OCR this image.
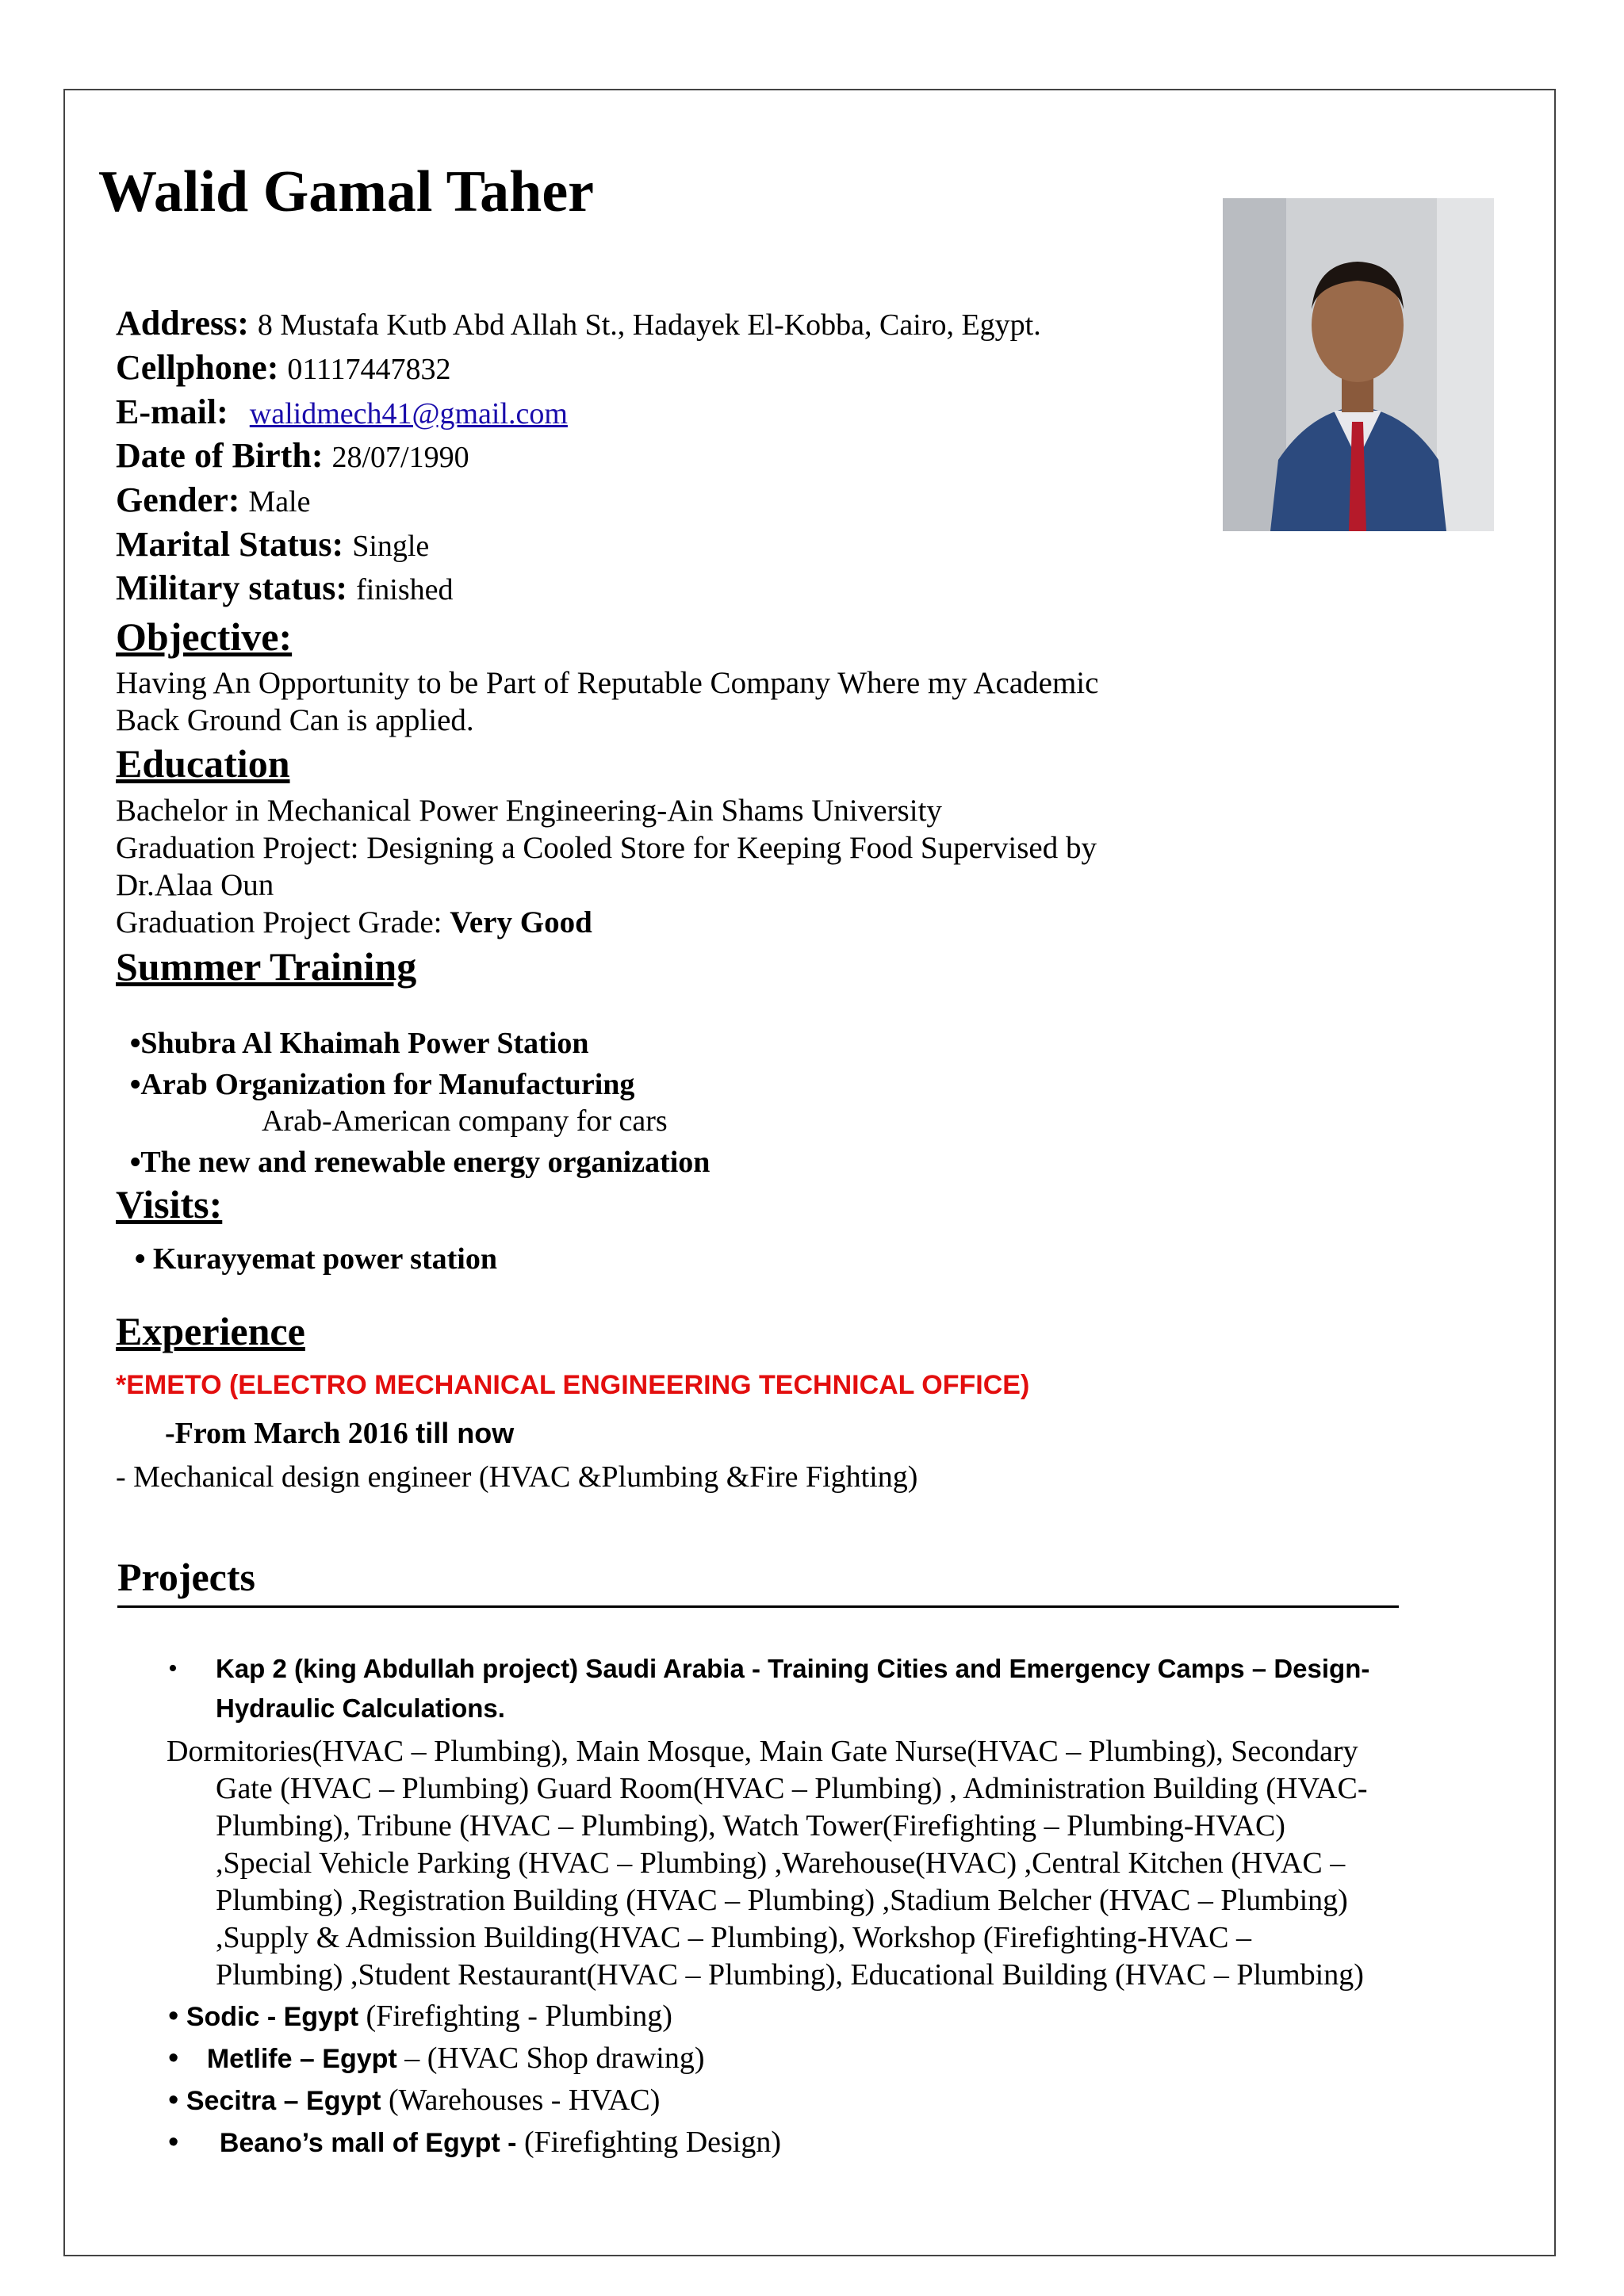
Walid Gamal Taher
Address: 8 Mustafa Kutb Abd Allah St., Hadayek El-Kobba, Cairo, Egypt.
Cellphone: 01117447832
E-mail: walidmech41@gmail.com
Date of Birth: 28/07/1990
Gender: Male
Marital Status: Single
Military status: finished
Objective:
Having An Opportunity to be Part of Reputable Company Where my Academic
Back Ground Can is applied.
Education
Bachelor in Mechanical Power Engineering-Ain Shams University
Graduation Project: Designing a Cooled Store for Keeping Food Supervised by
Dr.Alaa Oun
Graduation Project Grade: Very Good
Summer Training
•Shubra Al Khaimah Power Station
•Arab Organization for Manufacturing
Arab-American company for cars
•The new and renewable energy organization
Visits:
• Kurayyemat power station
Experience
*EMETO (ELECTRO MECHANICAL ENGINEERING TECHNICAL OFFICE)
-From March 2016 till now
- Mechanical design engineer (HVAC &Plumbing &Fire Fighting)
Projects
• Kap 2 (king Abdullah project) Saudi Arabia - Training Cities and Emergency Camps – Design-
Hydraulic Calculations.
Dormitories(HVAC – Plumbing), Main Mosque, Main Gate Nurse(HVAC – Plumbing), Secondary
Gate (HVAC – Plumbing) Guard Room(HVAC – Plumbing) , Administration Building (HVAC-
Plumbing), Tribune (HVAC – Plumbing), Watch Tower(Firefighting – Plumbing-HVAC)
,Special Vehicle Parking (HVAC – Plumbing) ,Warehouse(HVAC) ,Central Kitchen (HVAC –
Plumbing) ,Registration Building (HVAC – Plumbing) ,Stadium Belcher (HVAC – Plumbing)
,Supply & Admission Building(HVAC – Plumbing), Workshop (Firefighting-HVAC –
Plumbing) ,Student Restaurant(HVAC – Plumbing), Educational Building (HVAC – Plumbing)
• Sodic - Egypt (Firefighting - Plumbing)
• Metlife – Egypt – (HVAC Shop drawing)
• Secitra – Egypt (Warehouses - HVAC)
• Beano’s mall of Egypt - (Firefighting Design)
